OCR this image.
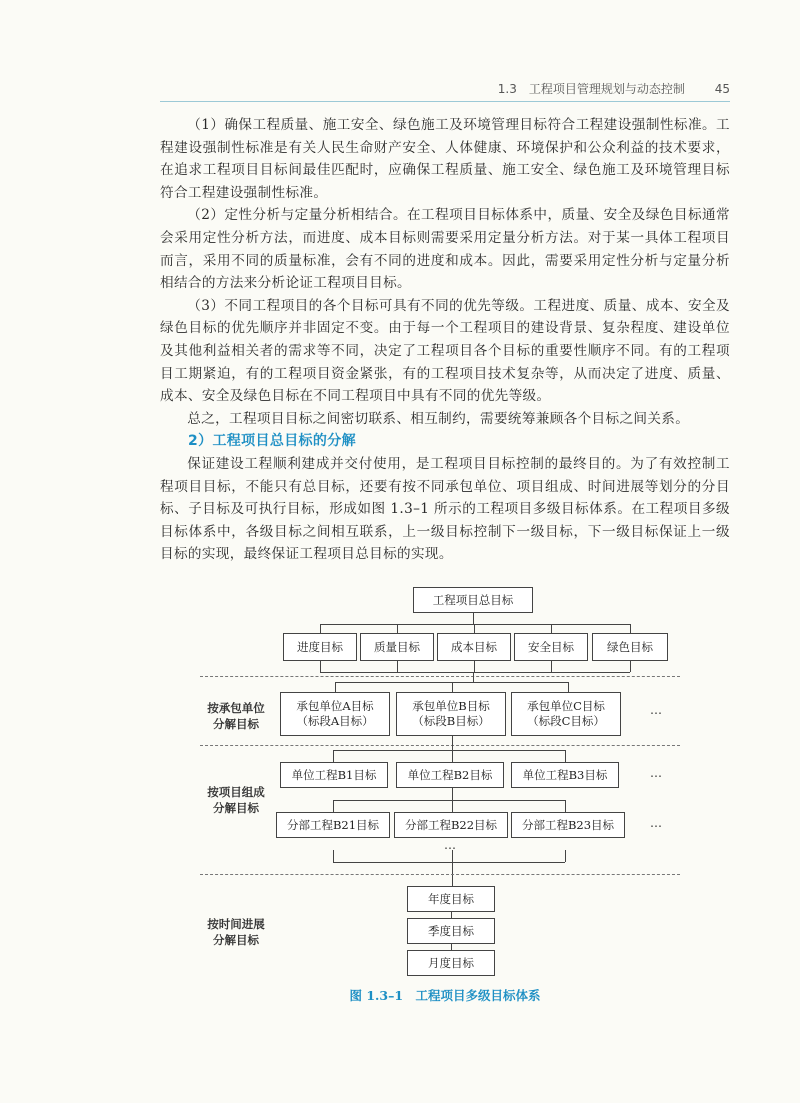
1.3　工程项目管理规划与动态控制 45

（1）确保工程质量、施工安全、绿色施工及环境管理目标符合工程建设强制性标准。工程建设强制性标准是有关人民生命财产安全、人体健康、环境保护和公众利益的技术要求，在追求工程项目目标间最佳匹配时，应确保工程质量、施工安全、绿色施工及环境管理目标符合工程建设强制性标准。

（2）定性分析与定量分析相结合。在工程项目目标体系中，质量、安全及绿色目标通常会采用定性分析方法，而进度、成本目标则需要采用定量分析方法。对于某一具体工程项目而言，采用不同的质量标准，会有不同的进度和成本。因此，需要采用定性分析与定量分析相结合的方法来分析论证工程项目目标。

（3）不同工程项目的各个目标可具有不同的优先等级。工程进度、质量、成本、安全及绿色目标的优先顺序并非固定不变。由于每一个工程项目的建设背景、复杂程度、建设单位及其他利益相关者的需求等不同，决定了工程项目各个目标的重要性顺序不同。有的工程项目工期紧迫，有的工程项目资金紧张，有的工程项目技术复杂等，从而决定了进度、质量、成本、安全及绿色目标在不同工程项目中具有不同的优先等级。

总之，工程项目目标之间密切联系、相互制约，需要统筹兼顾各个目标之间关系。

2）工程项目总目标的分解

保证建设工程顺利建成并交付使用，是工程项目目标控制的最终目的。为了有效控制工程项目目标，不能只有总目标，还要有按不同承包单位、项目组成、时间进展等划分的分目标、子目标及可执行目标，形成如图 1.3–1 所示的工程项目多级目标体系。在工程项目多级目标体系中，各级目标之间相互联系，上一级目标控制下一级目标，下一级目标保证上一级目标的实现，最终保证工程项目总目标的实现。

工程项目总目标
进度目标	质量目标	成本目标	安全目标	绿色目标
按承包单位
分解目标
承包单位A目标
（标段A目标）
承包单位B目标
（标段B目标）
承包单位C目标
（标段C目标）
…
按项目组成
分解目标
单位工程B1目标	单位工程B2目标	单位工程B3目标	…
分部工程B21目标	分部工程B22目标	分部工程B23目标	…
…
按时间进展
分解目标
年度目标
季度目标
月度目标
图 1.3–1　工程项目多级目标体系
